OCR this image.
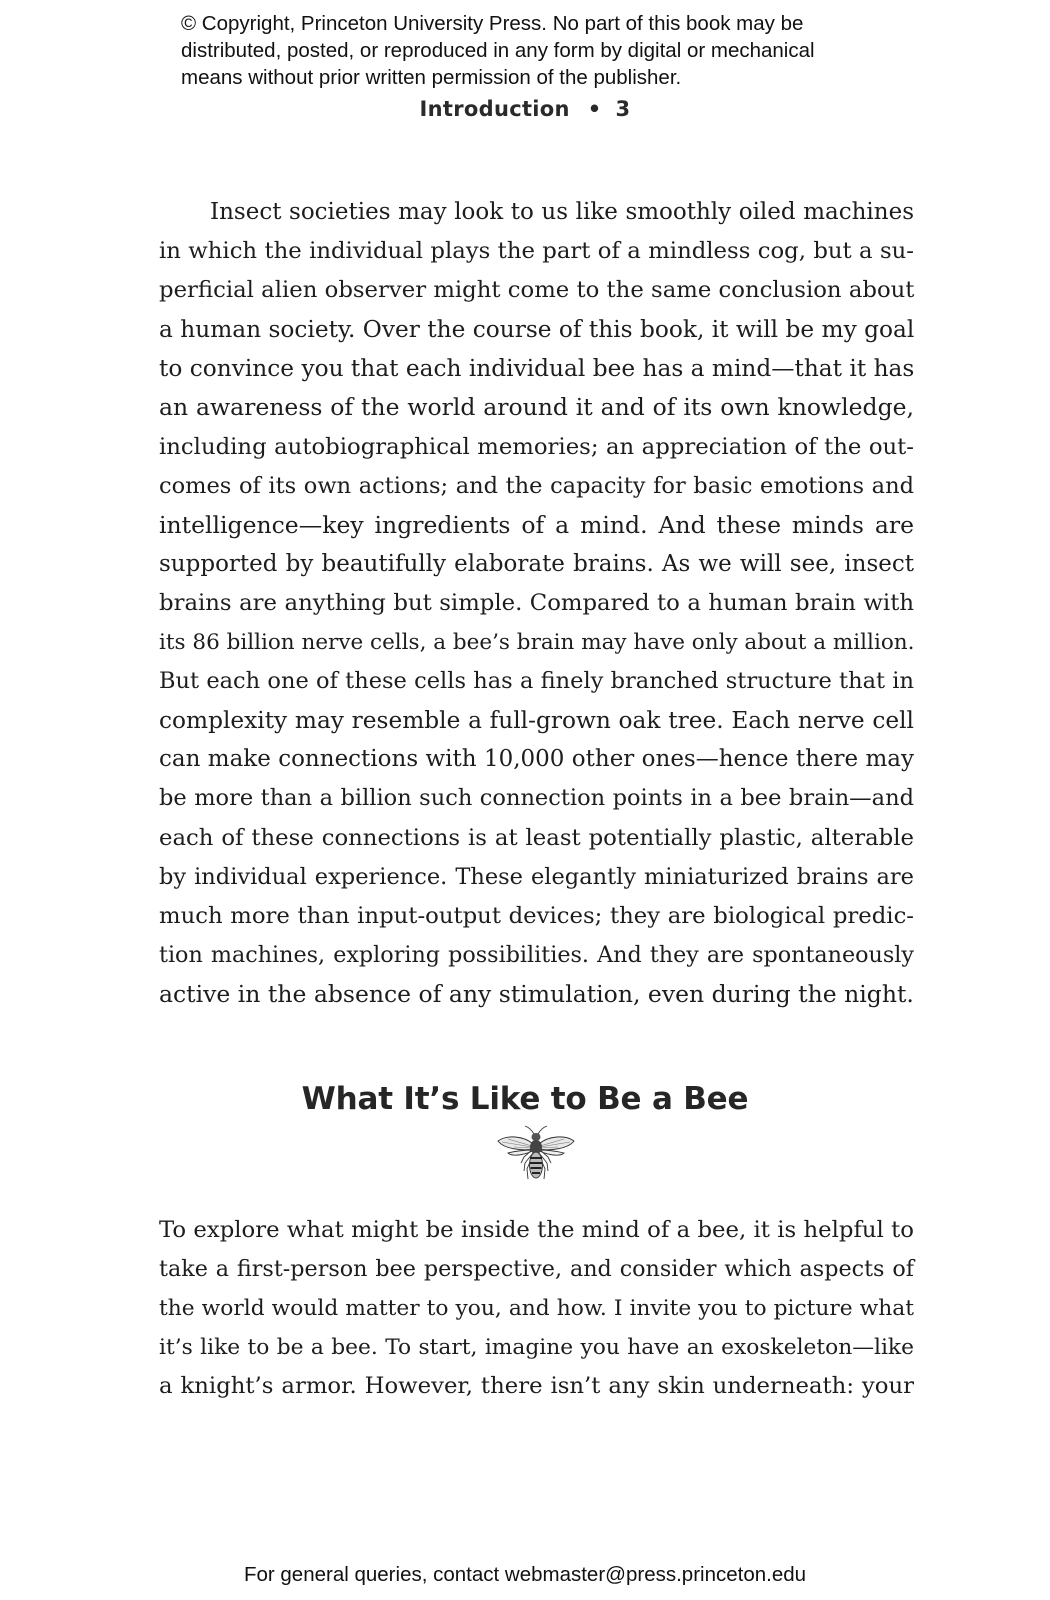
© Copyright, Princeton University Press. No part of this book may be
distributed, posted, or reproduced in any form by digital or mechanical
means without prior written permission of the publisher.
Introduction • 3
Insect societies may look to us like smoothly oiled machines
in which the individual plays the part of a mindless cog, but a su-
perficial alien observer might come to the same conclusion about
a human society. Over the course of this book, it will be my goal
to convince you that each individual bee has a mind—that it has
an awareness of the world around it and of its own knowledge,
including autobiographical memories; an appreciation of the out-
comes of its own actions; and the capacity for basic emotions and
intelligence—key ingredients of a mind. And these minds are
supported by beautifully elaborate brains. As we will see, insect
brains are anything but simple. Compared to a human brain with
its 86 billion nerve cells, a bee’s brain may have only about a million.
But each one of these cells has a finely branched structure that in
complexity may resemble a full-grown oak tree. Each nerve cell
can make connections with 10,000 other ones—hence there may
be more than a billion such connection points in a bee brain—and
each of these connections is at least potentially plastic, alterable
by individual experience. These elegantly miniaturized brains are
much more than input-output devices; they are biological predic-
tion machines, exploring possibilities. And they are spontaneously
active in the absence of any stimulation, even during the night.
What It’s Like to Be a Bee
To explore what might be inside the mind of a bee, it is helpful to
take a first-person bee perspective, and consider which aspects of
the world would matter to you, and how. I invite you to picture what
it’s like to be a bee. To start, imagine you have an exoskeleton—like
a knight’s armor. However, there isn’t any skin underneath: your
For general queries, contact webmaster@press.princeton.edu
